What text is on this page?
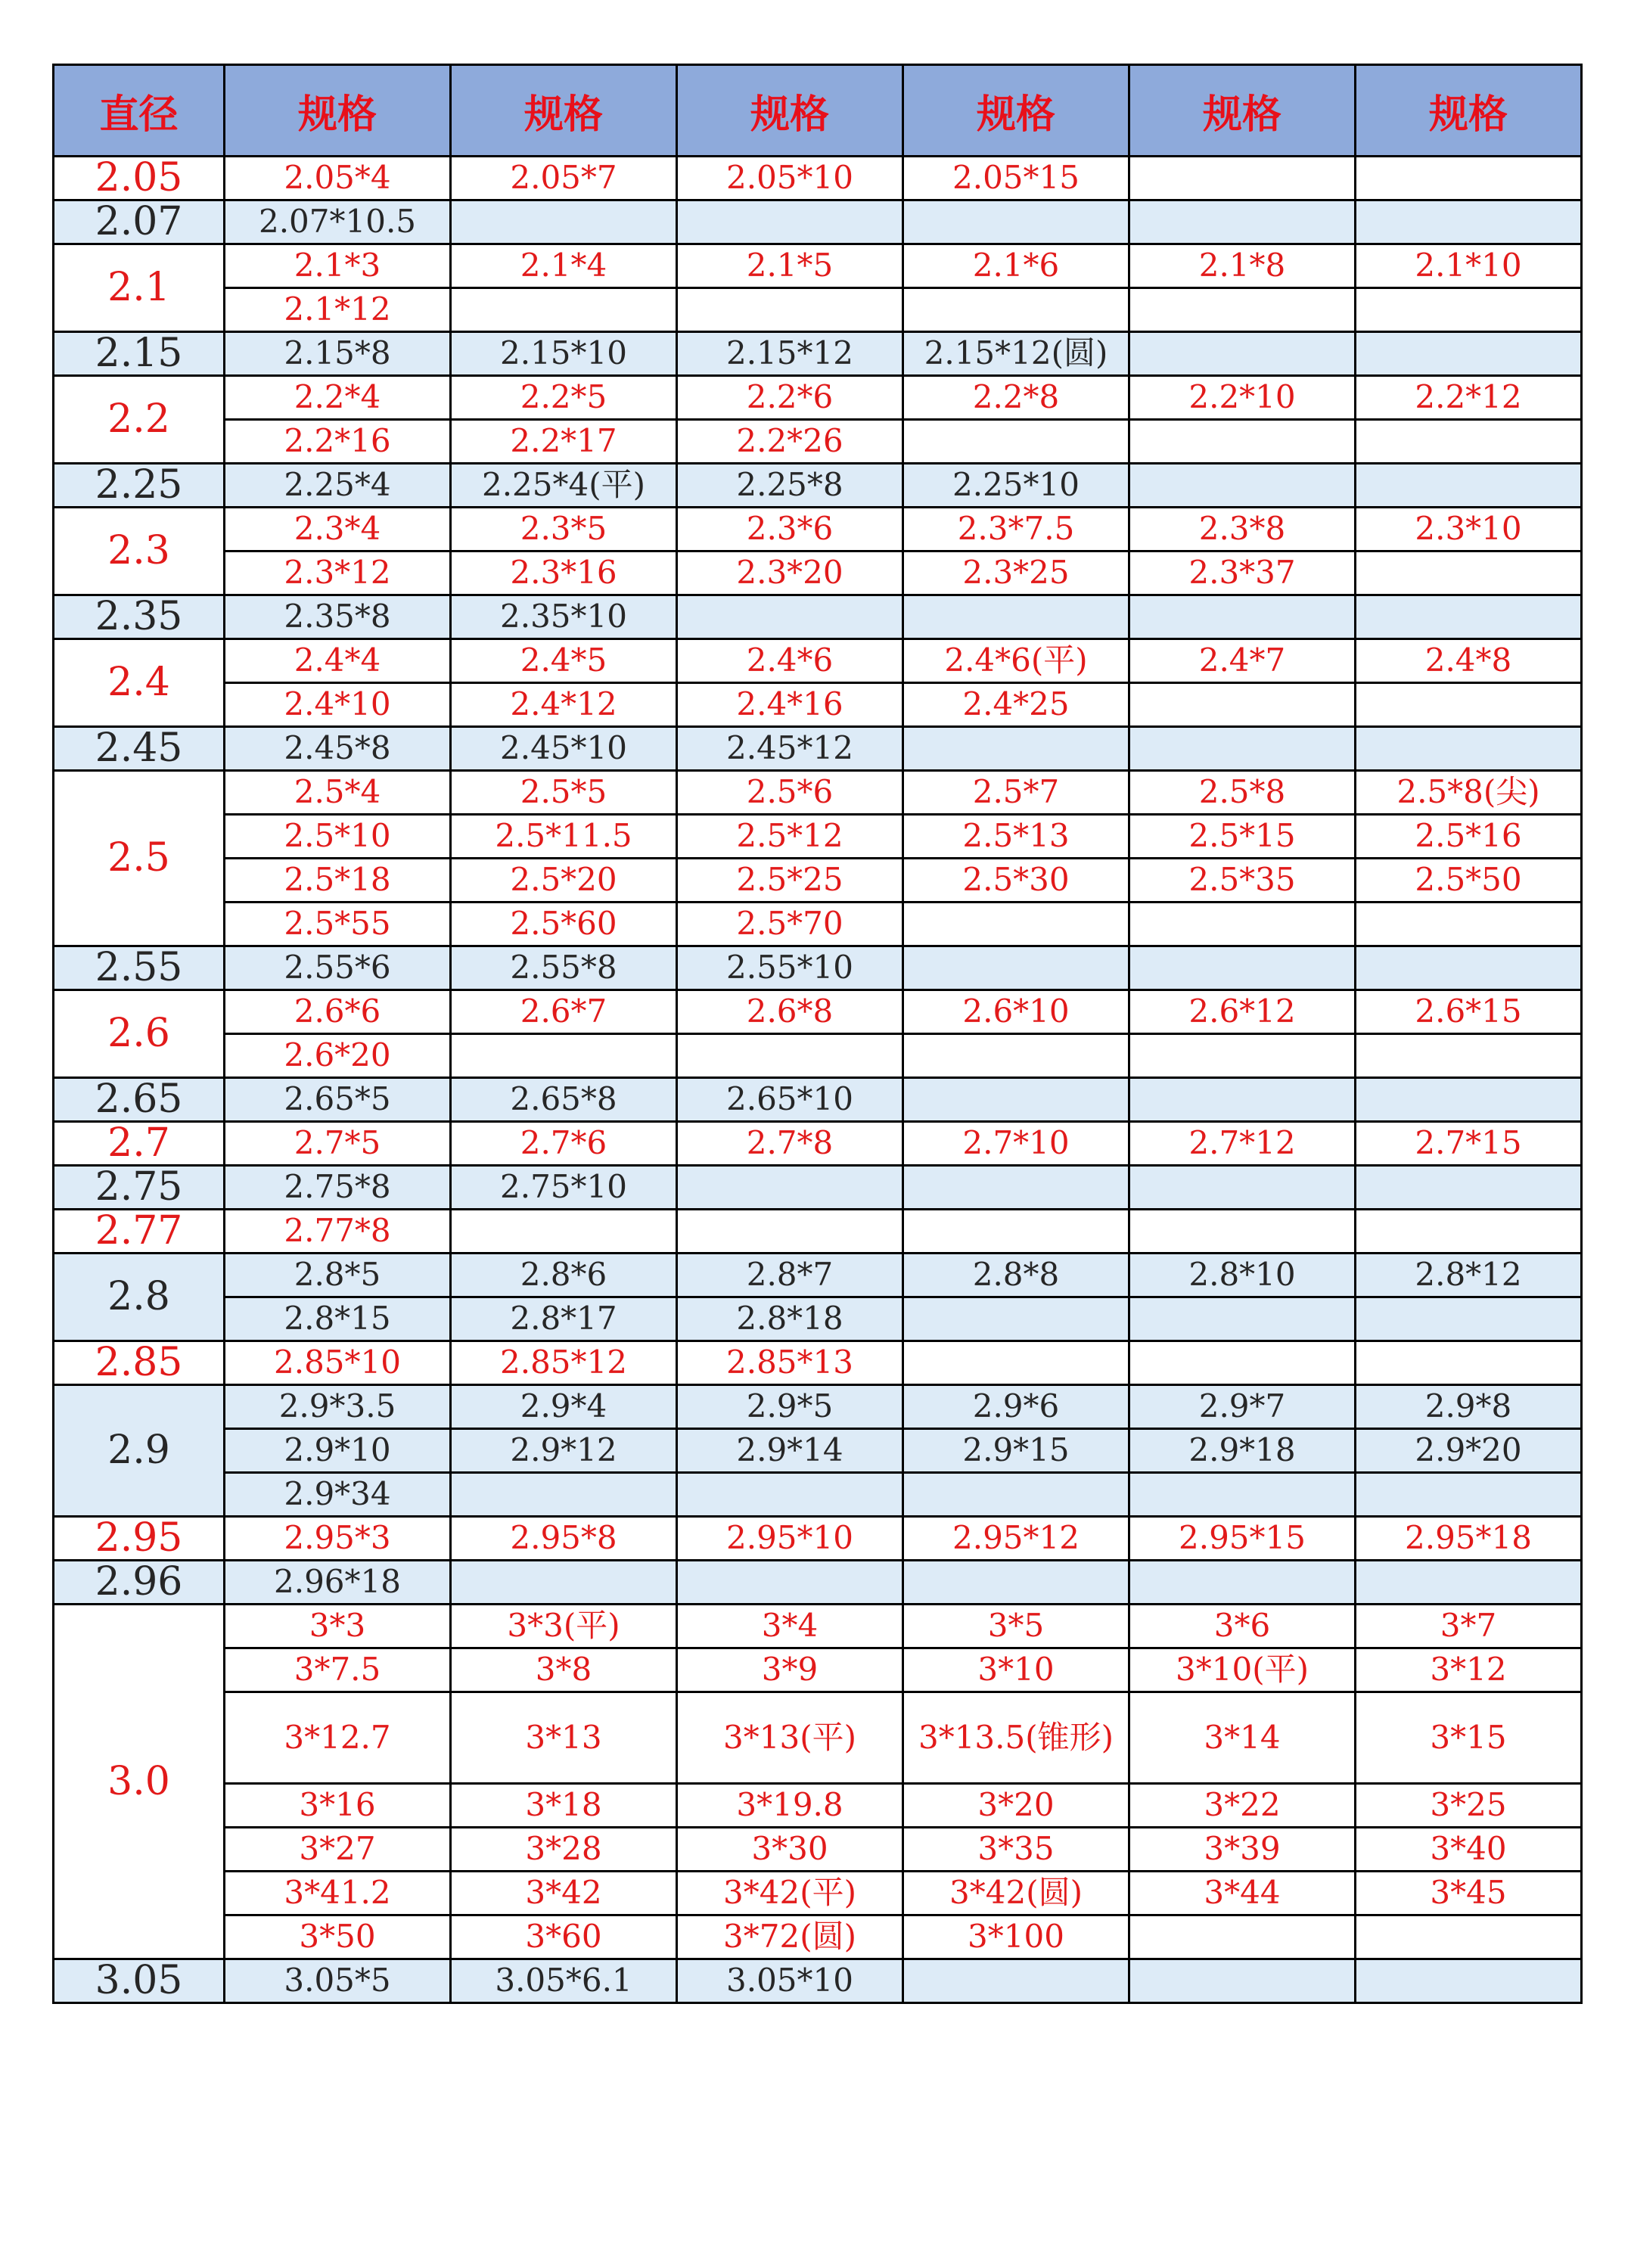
直径	规格	规格	规格	规格	规格	规格
2.05	2.05*4	2.05*7	2.05*10	2.05*15		
2.07	2.07*10.5					
2.1	2.1*3	2.1*4	2.1*5	2.1*6	2.1*8	2.1*10
	2.1*12					
2.15	2.15*8	2.15*10	2.15*12	2.15*12(圆)		
2.2	2.2*4	2.2*5	2.2*6	2.2*8	2.2*10	2.2*12
	2.2*16	2.2*17	2.2*26			
2.25	2.25*4	2.25*4(平)	2.25*8	2.25*10		
2.3	2.3*4	2.3*5	2.3*6	2.3*7.5	2.3*8	2.3*10
	2.3*12	2.3*16	2.3*20	2.3*25	2.3*37	
2.35	2.35*8	2.35*10				
2.4	2.4*4	2.4*5	2.4*6	2.4*6(平)	2.4*7	2.4*8
	2.4*10	2.4*12	2.4*16	2.4*25		
2.45	2.45*8	2.45*10	2.45*12			
2.5	2.5*4	2.5*5	2.5*6	2.5*7	2.5*8	2.5*8(尖)
	2.5*10	2.5*11.5	2.5*12	2.5*13	2.5*15	2.5*16
	2.5*18	2.5*20	2.5*25	2.5*30	2.5*35	2.5*50
	2.5*55	2.5*60	2.5*70			
2.55	2.55*6	2.55*8	2.55*10			
2.6	2.6*6	2.6*7	2.6*8	2.6*10	2.6*12	2.6*15
	2.6*20					
2.65	2.65*5	2.65*8	2.65*10			
2.7	2.7*5	2.7*6	2.7*8	2.7*10	2.7*12	2.7*15
2.75	2.75*8	2.75*10				
2.77	2.77*8					
2.8	2.8*5	2.8*6	2.8*7	2.8*8	2.8*10	2.8*12
	2.8*15	2.8*17	2.8*18			
2.85	2.85*10	2.85*12	2.85*13			
2.9	2.9*3.5	2.9*4	2.9*5	2.9*6	2.9*7	2.9*8
	2.9*10	2.9*12	2.9*14	2.9*15	2.9*18	2.9*20
	2.9*34					
2.95	2.95*3	2.95*8	2.95*10	2.95*12	2.95*15	2.95*18
2.96	2.96*18					
3.0	3*3	3*3(平)	3*4	3*5	3*6	3*7
	3*7.5	3*8	3*9	3*10	3*10(平)	3*12
	3*12.7	3*13	3*13(平)	3*13.5(锥形)	3*14	3*15
	3*16	3*18	3*19.8	3*20	3*22	3*25
	3*27	3*28	3*30	3*35	3*39	3*40
	3*41.2	3*42	3*42(平)	3*42(圆)	3*44	3*45
	3*50	3*60	3*72(圆)	3*100		
3.05	3.05*5	3.05*6.1	3.05*10			
